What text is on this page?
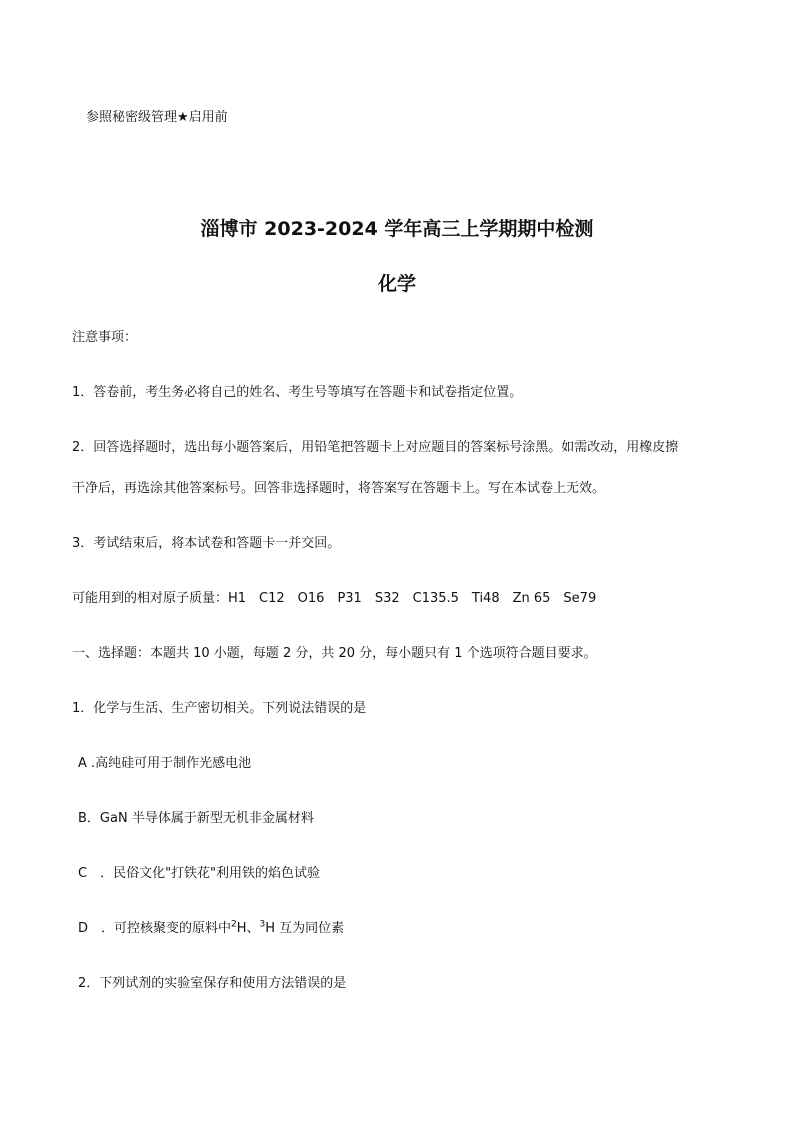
参照秘密级管理★启用前
淄博市 2023-2024 学年高三上学期期中检测
化学
注意事项：
1．答卷前，考生务必将自己的姓名、考生号等填写在答题卡和试卷指定位置。
2．回答选择题时，选出每小题答案后，用铅笔把答题卡上对应题目的答案标号涂黑。如需改动，用橡皮擦
干净后，再选涂其他答案标号。回答非选择题时，将答案写在答题卡上。写在本试卷上无效。
3．考试结束后，将本试卷和答题卡一并交回。
可能用到的相对原子质量：H1　C12　O16　P31　S32　C135.5　Ti48　Zn 65　Se79
一、选择题：本题共 10 小题，每题 2 分，共 20 分，每小题只有 1 个选项符合题目要求。
1．化学与生活、生产密切相关。下列说法错误的是
A .高纯硅可用于制作光感电池
B．GaN 半导体属于新型无机非金属材料
C　．民俗文化"打铁花"利用铁的焰色试验
D　．可控核聚变的原料中$^2$H、$^3$H 互为同位素
2．下列试剂的实验室保存和使用方法错误的是
